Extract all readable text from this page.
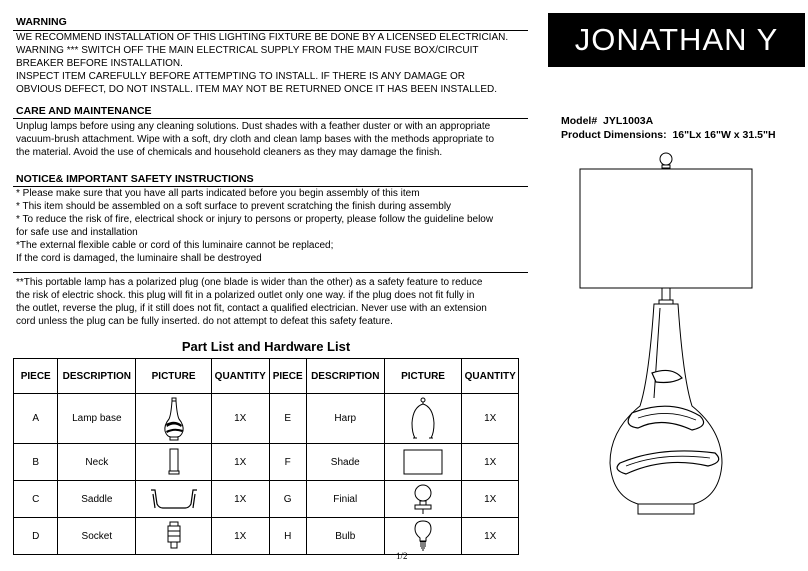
WARNING
WE RECOMMEND INSTALLATION OF THIS LIGHTING FIXTURE BE DONE BY A LICENSED ELECTRICIAN.
WARNING *** SWITCH OFF THE MAIN ELECTRICAL SUPPLY FROM THE MAIN FUSE BOX/CIRCUIT
BREAKER BEFORE INSTALLATION.
INSPECT ITEM CAREFULLY BEFORE ATTEMPTING TO INSTALL. IF THERE IS ANY DAMAGE OR
OBVIOUS DEFECT, DO NOT INSTALL. ITEM MAY NOT BE RETURNED ONCE IT HAS BEEN INSTALLED.
CARE AND MAINTENANCE
Unplug lamps before using any cleaning solutions. Dust shades with a feather duster or with an appropriate
vacuum-brush attachment. Wipe with a soft, dry cloth and clean lamp bases with the methods appropriate to
the material. Avoid the use of chemicals and household cleaners as they may damage the finish.
NOTICE& IMPORTANT SAFETY INSTRUCTIONS
* Please make sure that you have all parts indicated before you begin assembly of this item
* This item should be assembled on a soft surface to prevent scratching the finish during assembly
* To reduce the risk of fire, electrical shock or injury to persons or property, please follow the guideline below
for safe use and installation
*The external flexible cable or cord of this luminaire cannot be replaced;
If the cord is damaged, the luminaire shall be destroyed
**This portable lamp has a polarized plug (one blade is wider than the other) as a safety feature to reduce
the risk of electric shock. this plug will fit in a polarized outlet only one way. if the plug does not fit fully in
the outlet, reverse the plug, if it still does not fit, contact a qualified electrician. Never use with an extension
cord unless the plug can be fully inserted. do not attempt to defeat this safety feature.
JONATHAN Y
Model# JYL1003A
Product Dimensions: 16"Lx 16"W x 31.5"H
Part List and Hardware List
PIECE	DESCRIPTION	PICTURE	QUANTITY	PIECE	DESCRIPTION	PICTURE	QUANTITY
A	Lamp base		1X	E	Harp		1X
B	Neck		1X	F	Shade		1X
C	Saddle		1X	G	Finial		1X
D	Socket		1X	H	Bulb		1X
1/2
